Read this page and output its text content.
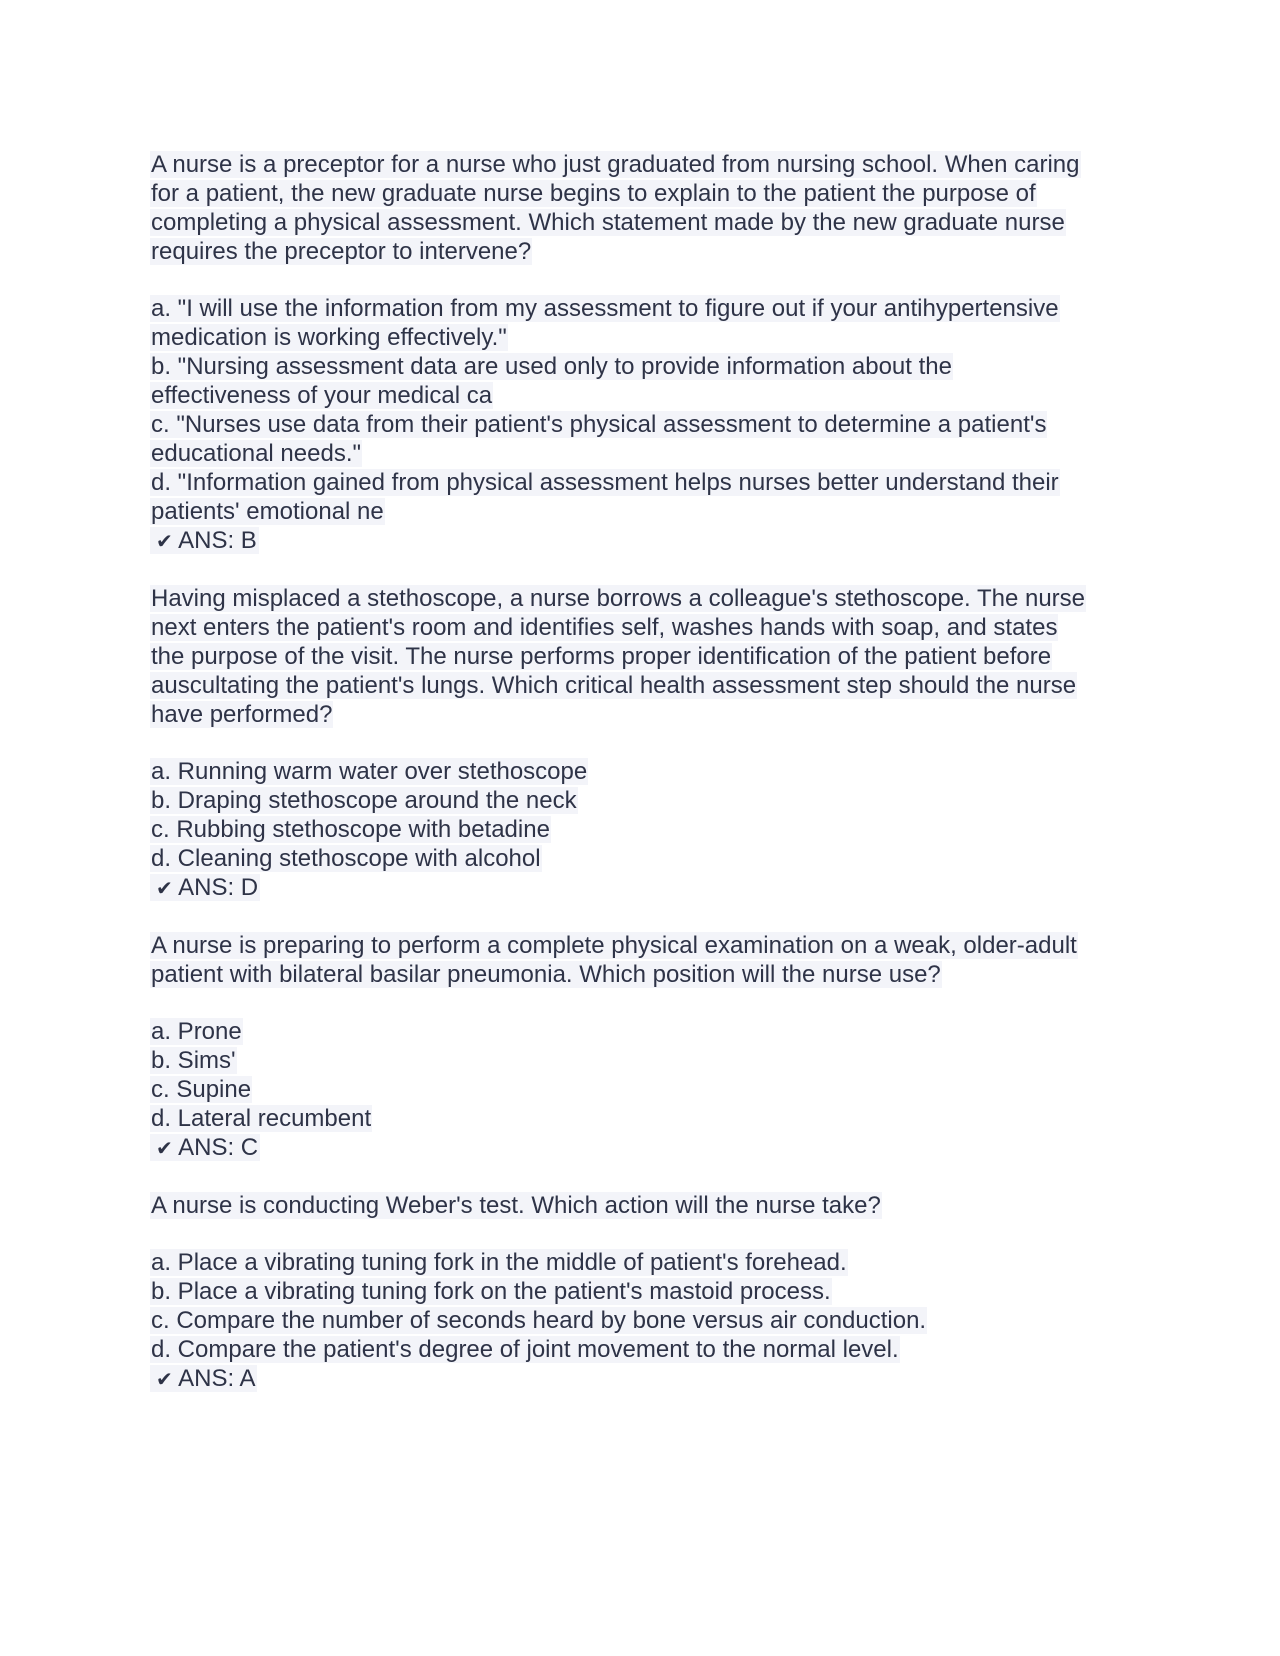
A nurse is a preceptor for a nurse who just graduated from nursing school. When caring
for a patient, the new graduate nurse begins to explain to the patient the purpose of
completing a physical assessment. Which statement made by the new graduate nurse
requires the preceptor to intervene?
a. "I will use the information from my assessment to figure out if your antihypertensive
medication is working effectively."
b. "Nursing assessment data are used only to provide information about the
effectiveness of your medical ca
c. "Nurses use data from their patient's physical assessment to determine a patient's
educational needs."
d. "Information gained from physical assessment helps nurses better understand their
patients' emotional ne
✔ ANS: B
Having misplaced a stethoscope, a nurse borrows a colleague's stethoscope. The nurse
next enters the patient's room and identifies self, washes hands with soap, and states
the purpose of the visit. The nurse performs proper identification of the patient before
auscultating the patient's lungs. Which critical health assessment step should the nurse
have performed?
a. Running warm water over stethoscope
b. Draping stethoscope around the neck
c. Rubbing stethoscope with betadine
d. Cleaning stethoscope with alcohol
✔ ANS: D
A nurse is preparing to perform a complete physical examination on a weak, older-adult
patient with bilateral basilar pneumonia. Which position will the nurse use?
a. Prone
b. Sims'
c. Supine
d. Lateral recumbent
✔ ANS: C
A nurse is conducting Weber's test. Which action will the nurse take?
a. Place a vibrating tuning fork in the middle of patient's forehead.
b. Place a vibrating tuning fork on the patient's mastoid process.
c. Compare the number of seconds heard by bone versus air conduction.
d. Compare the patient's degree of joint movement to the normal level.
✔ ANS: A
